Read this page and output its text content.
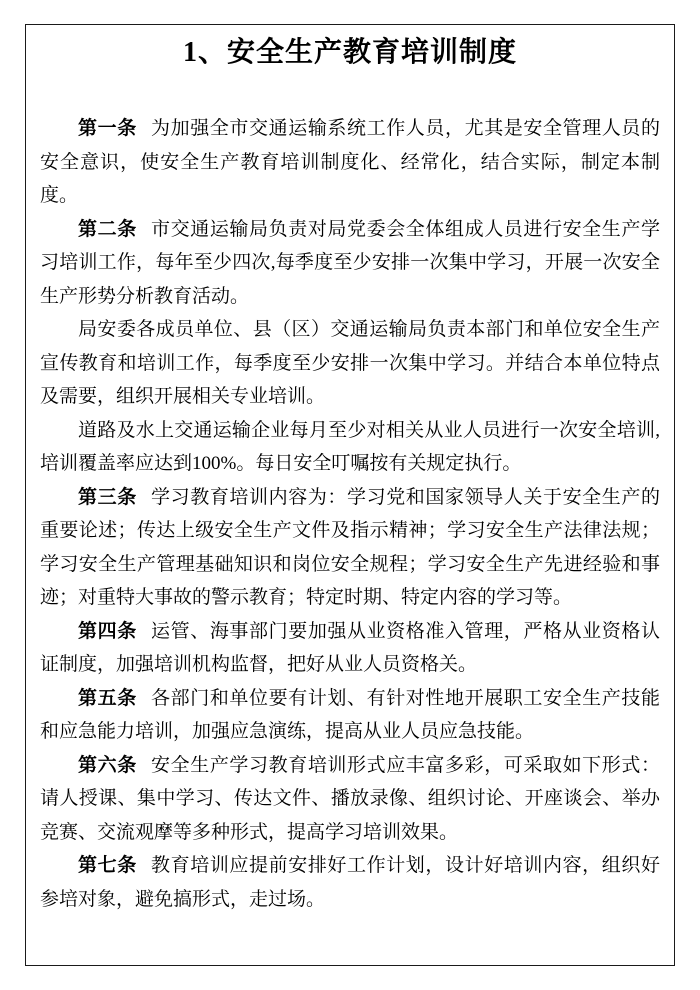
1、安全生产教育培训制度

第一条 为加强全市交通运输系统工作人员，尤其是安全管理人员的安全意识，使安全生产教育培训制度化、经常化，结合实际，制定本制度。

第二条 市交通运输局负责对局党委会全体组成人员进行安全生产学习培训工作，每年至少四次,每季度至少安排一次集中学习，开展一次安全生产形势分析教育活动。

局安委各成员单位、县（区）交通运输局负责本部门和单位安全生产宣传教育和培训工作，每季度至少安排一次集中学习。并结合本单位特点及需要，组织开展相关专业培训。

道路及水上交通运输企业每月至少对相关从业人员进行一次安全培训,培训覆盖率应达到100%。每日安全叮嘱按有关规定执行。

第三条 学习教育培训内容为：学习党和国家领导人关于安全生产的重要论述；传达上级安全生产文件及指示精神；学习安全生产法律法规；学习安全生产管理基础知识和岗位安全规程；学习安全生产先进经验和事迹；对重特大事故的警示教育；特定时期、特定内容的学习等。

第四条 运管、海事部门要加强从业资格准入管理，严格从业资格认证制度，加强培训机构监督，把好从业人员资格关。

第五条 各部门和单位要有计划、有针对性地开展职工安全生产技能和应急能力培训，加强应急演练，提高从业人员应急技能。

第六条 安全生产学习教育培训形式应丰富多彩，可采取如下形式：请人授课、集中学习、传达文件、播放录像、组织讨论、开座谈会、举办竞赛、交流观摩等多种形式，提高学习培训效果。

第七条 教育培训应提前安排好工作计划，设计好培训内容，组织好参培对象，避免搞形式，走过场。
